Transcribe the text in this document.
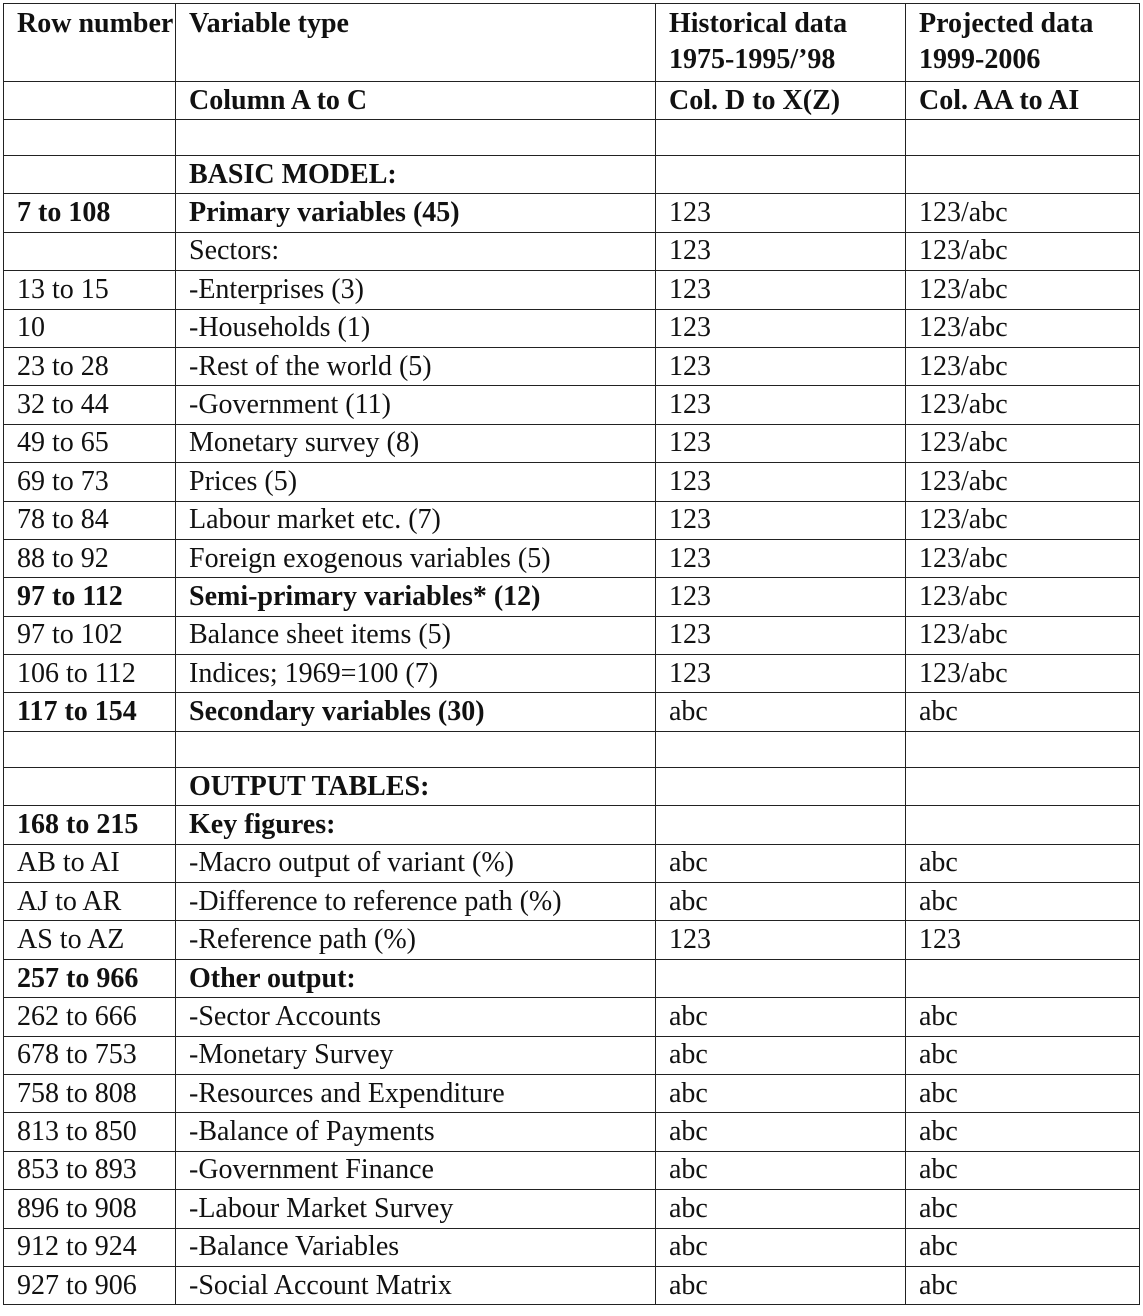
Row number	Variable type	Historical data 1975-1995/’98	Projected data 1999-2006
	Column A to C	Col. D to X(Z)	Col. AA to AI

	BASIC MODEL:		
7 to 108	Primary variables (45)	123	123/abc
	Sectors:	123	123/abc
13 to 15	-Enterprises (3)	123	123/abc
10	-Households (1)	123	123/abc
23 to 28	-Rest of the world (5)	123	123/abc
32 to 44	-Government (11)	123	123/abc
49 to 65	Monetary survey (8)	123	123/abc
69 to 73	Prices (5)	123	123/abc
78 to 84	Labour market etc. (7)	123	123/abc
88 to 92	Foreign exogenous variables (5)	123	123/abc
97 to 112	Semi-primary variables* (12)	123	123/abc
97 to 102	Balance sheet items (5)	123	123/abc
106 to 112	Indices; 1969=100 (7)	123	123/abc
117 to 154	Secondary variables (30)	abc	abc

	OUTPUT TABLES:		
168 to 215	Key figures:		
AB to AI	-Macro output of variant (%)	abc	abc
AJ to AR	-Difference to reference path (%)	abc	abc
AS to AZ	-Reference path (%)	123	123
257 to 966	Other output:		
262 to 666	-Sector Accounts	abc	abc
678 to 753	-Monetary Survey	abc	abc
758 to 808	-Resources and Expenditure	abc	abc
813 to 850	-Balance of Payments	abc	abc
853 to 893	-Government Finance	abc	abc
896 to 908	-Labour Market Survey	abc	abc
912 to 924	-Balance Variables	abc	abc
927 to 906	-Social Account Matrix	abc	abc
